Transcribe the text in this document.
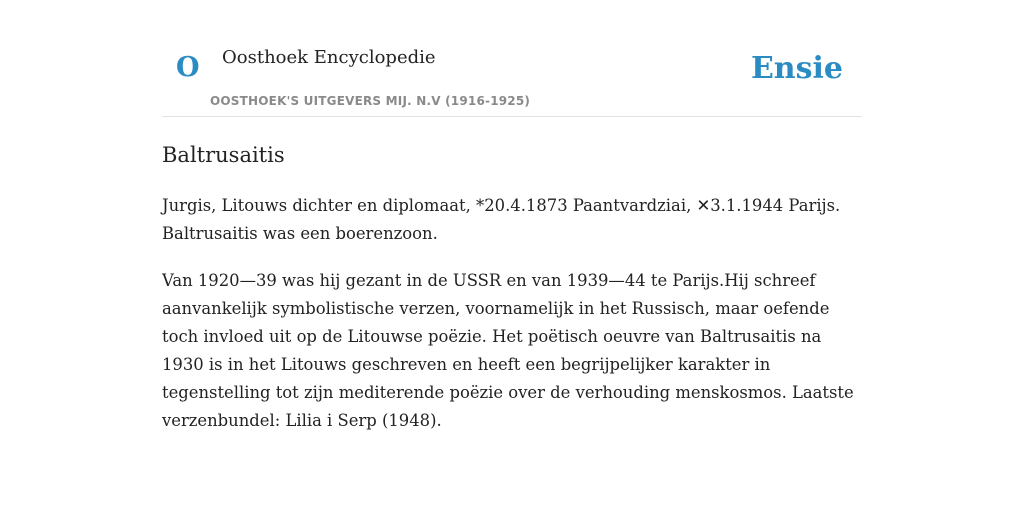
O Oosthoek Encyclopedie
OOSTHOEK'S UITGEVERS MIJ. N.V (1916-1925)
Ensie
Baltrusaitis

Jurgis, Litouws dichter en diplomaat, *20.4.1873 Paantvardziai, ✕3.1.1944 Parijs. Baltrusaitis was een boerenzoon.

Van 1920—39 was hij gezant in de USSR en van 1939—44 te Parijs.Hij schreef aanvankelijk symbolistische verzen, voornamelijk in het Russisch, maar oefende toch invloed uit op de Litouwse poëzie. Het poëtisch oeuvre van Baltrusaitis na 1930 is in het Litouws geschreven en heeft een begrijpelijker karakter in tegenstelling tot zijn mediterende poëzie over de verhouding menskosmos. Laatste verzenbundel: Lilia i Serp (1948).
